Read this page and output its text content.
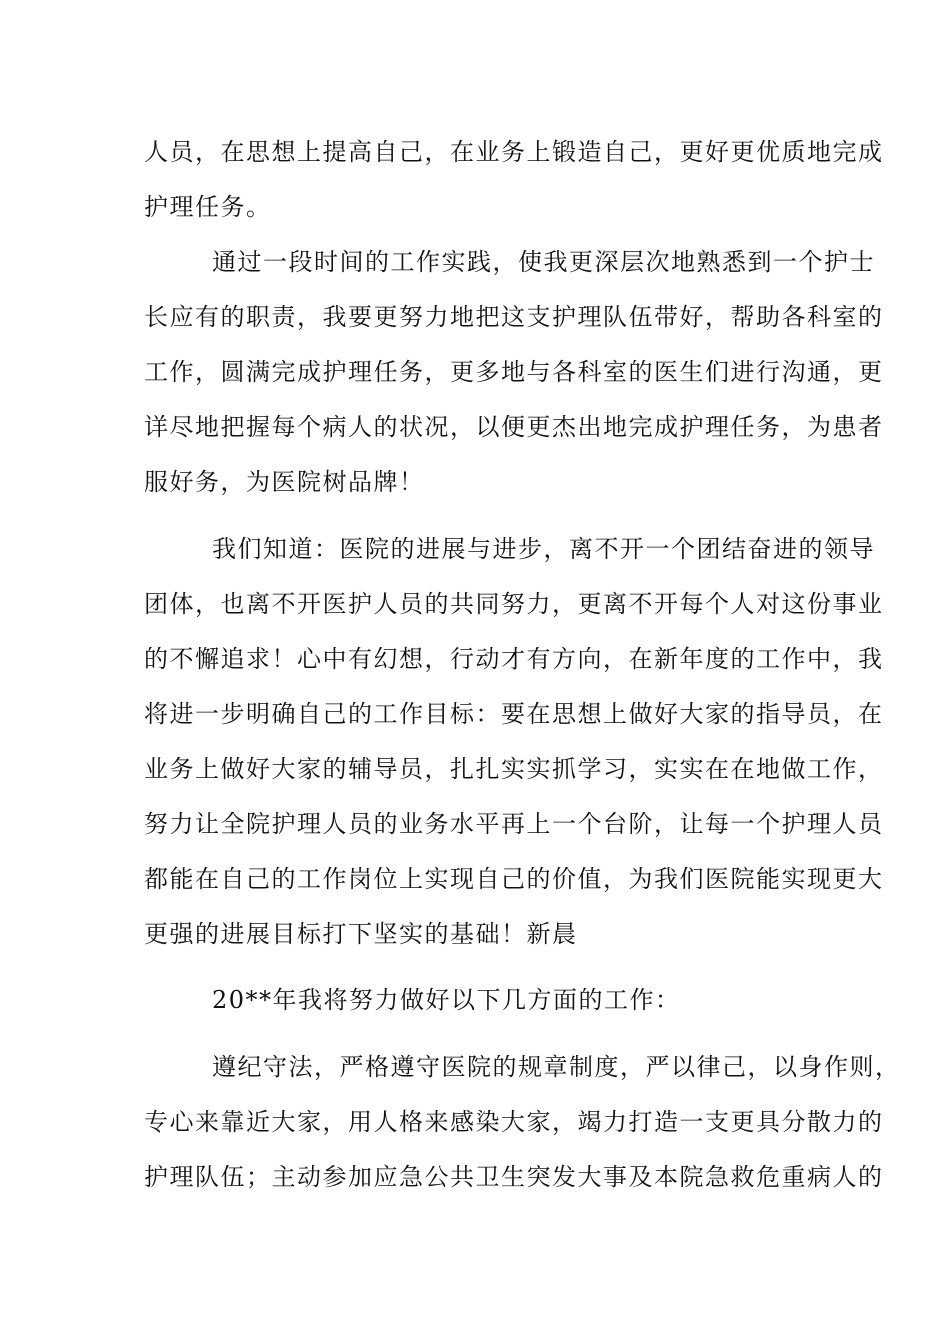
人员，在思想上提高自己，在业务上锻造自己，更好更优质地完成
护理任务。
通过一段时间的工作实践，使我更深层次地熟悉到一个护士
长应有的职责，我要更努力地把这支护理队伍带好，帮助各科室的
工作，圆满完成护理任务，更多地与各科室的医生们进行沟通，更
详尽地把握每个病人的状况，以便更杰出地完成护理任务，为患者
服好务，为医院树品牌！
我们知道：医院的进展与进步，离不开一个团结奋进的领导
团体，也离不开医护人员的共同努力，更离不开每个人对这份事业
的不懈追求！心中有幻想，行动才有方向，在新年度的工作中，我
将进一步明确自己的工作目标：要在思想上做好大家的指导员，在
业务上做好大家的辅导员，扎扎实实抓学习，实实在在地做工作，
努力让全院护理人员的业务水平再上一个台阶，让每一个护理人员
都能在自己的工作岗位上实现自己的价值，为我们医院能实现更大
更强的进展目标打下坚实的基础！新晨
20**年我将努力做好以下几方面的工作：
遵纪守法，严格遵守医院的规章制度，严以律己，以身作则，
专心来靠近大家，用人格来感染大家，竭力打造一支更具分散力的
护理队伍；主动参加应急公共卫生突发大事及本院急救危重病人的
